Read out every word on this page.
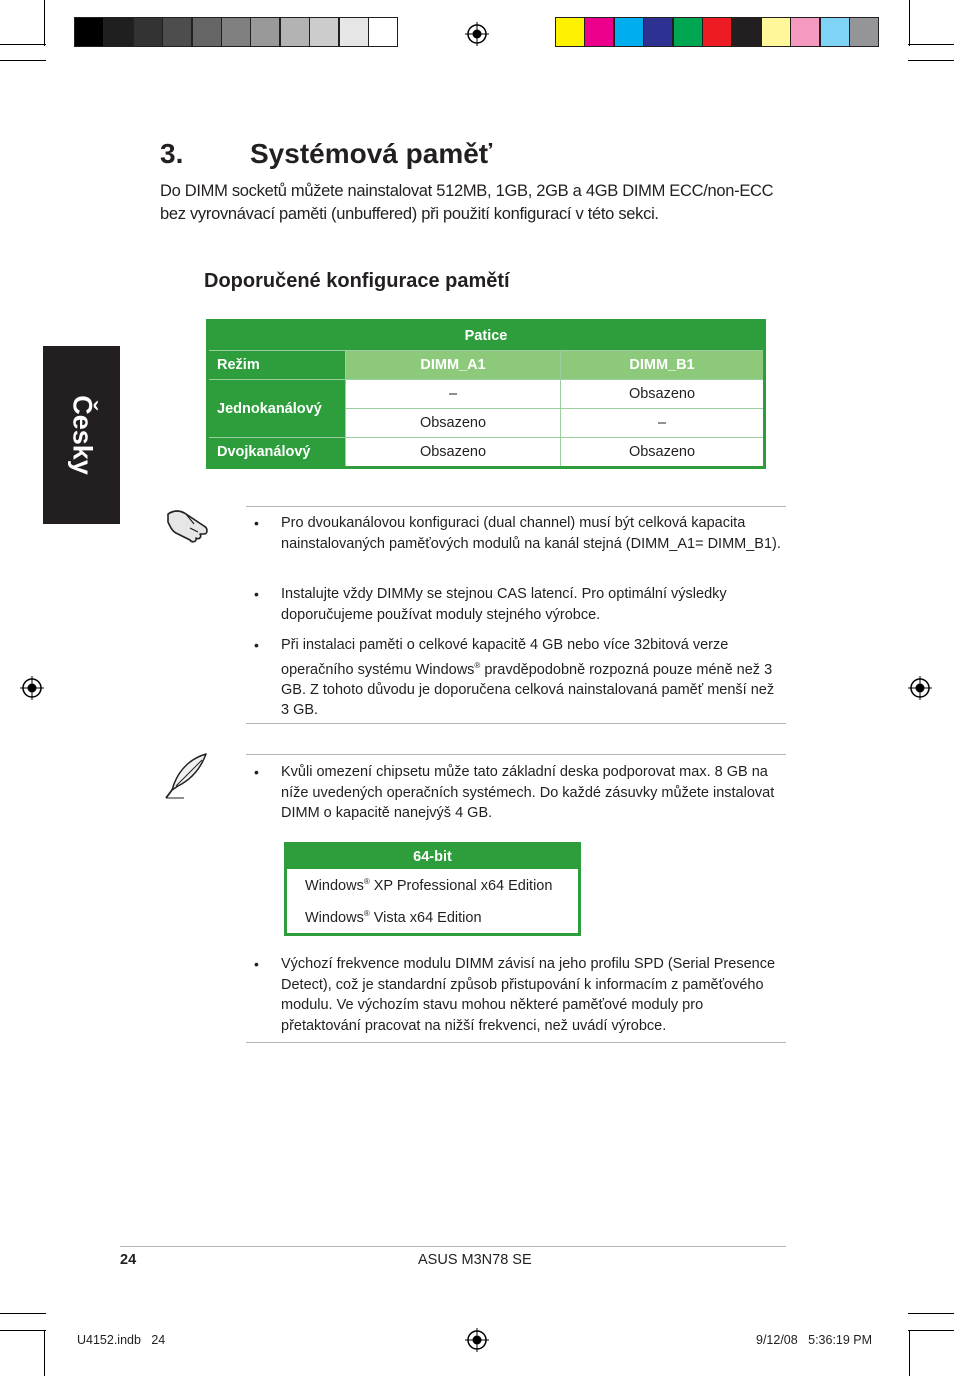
Česky
3. Systémová paměť
Do DIMM socketů můžete nainstalovat 512MB, 1GB, 2GB a 4GB DIMM ECC/non-ECC bez vyrovnávací paměti (unbuffered) při použití konfigurací v této sekci.
Doporučené konfigurace pamětí
Patice		
Režim	DIMM_A1	DIMM_B1
Jednokanálový	–	Obsazeno
	Obsazeno	–
Dvojkanálový	Obsazeno	Obsazeno
• Pro dvoukanálovou konfiguraci (dual channel) musí být celková kapacita nainstalovaných paměťových modulů na kanál stejná (DIMM_A1= DIMM_B1).
• Instalujte vždy DIMMy se stejnou CAS latencí. Pro optimální výsledky doporučujeme používat moduly stejného výrobce.
• Při instalaci paměti o celkové kapacitě 4 GB nebo více 32bitová verze operačního systému Windows® pravděpodobně rozpozná pouze méně než 3 GB. Z tohoto důvodu je doporučena celková nainstalovaná paměť menší než 3 GB.
• Kvůli omezení chipsetu může tato základní deska podporovat max. 8 GB na níže uvedených operačních systémech. Do každé zásuvky můžete instalovat DIMM o kapacitě nanejvýš 4 GB.
64-bit
Windows® XP Professional x64 Edition
Windows® Vista x64 Edition
• Výchozí frekvence modulu DIMM závisí na jeho profilu SPD (Serial Presence Detect), což je standardní způsob přistupování k informacím z paměťového modulu. Ve výchozím stavu mohou některé paměťové moduly pro přetaktování pracovat na nižší frekvenci, než uvádí výrobce.
24	ASUS M3N78 SE
U4152.indb   24	9/12/08   5:36:19 PM
